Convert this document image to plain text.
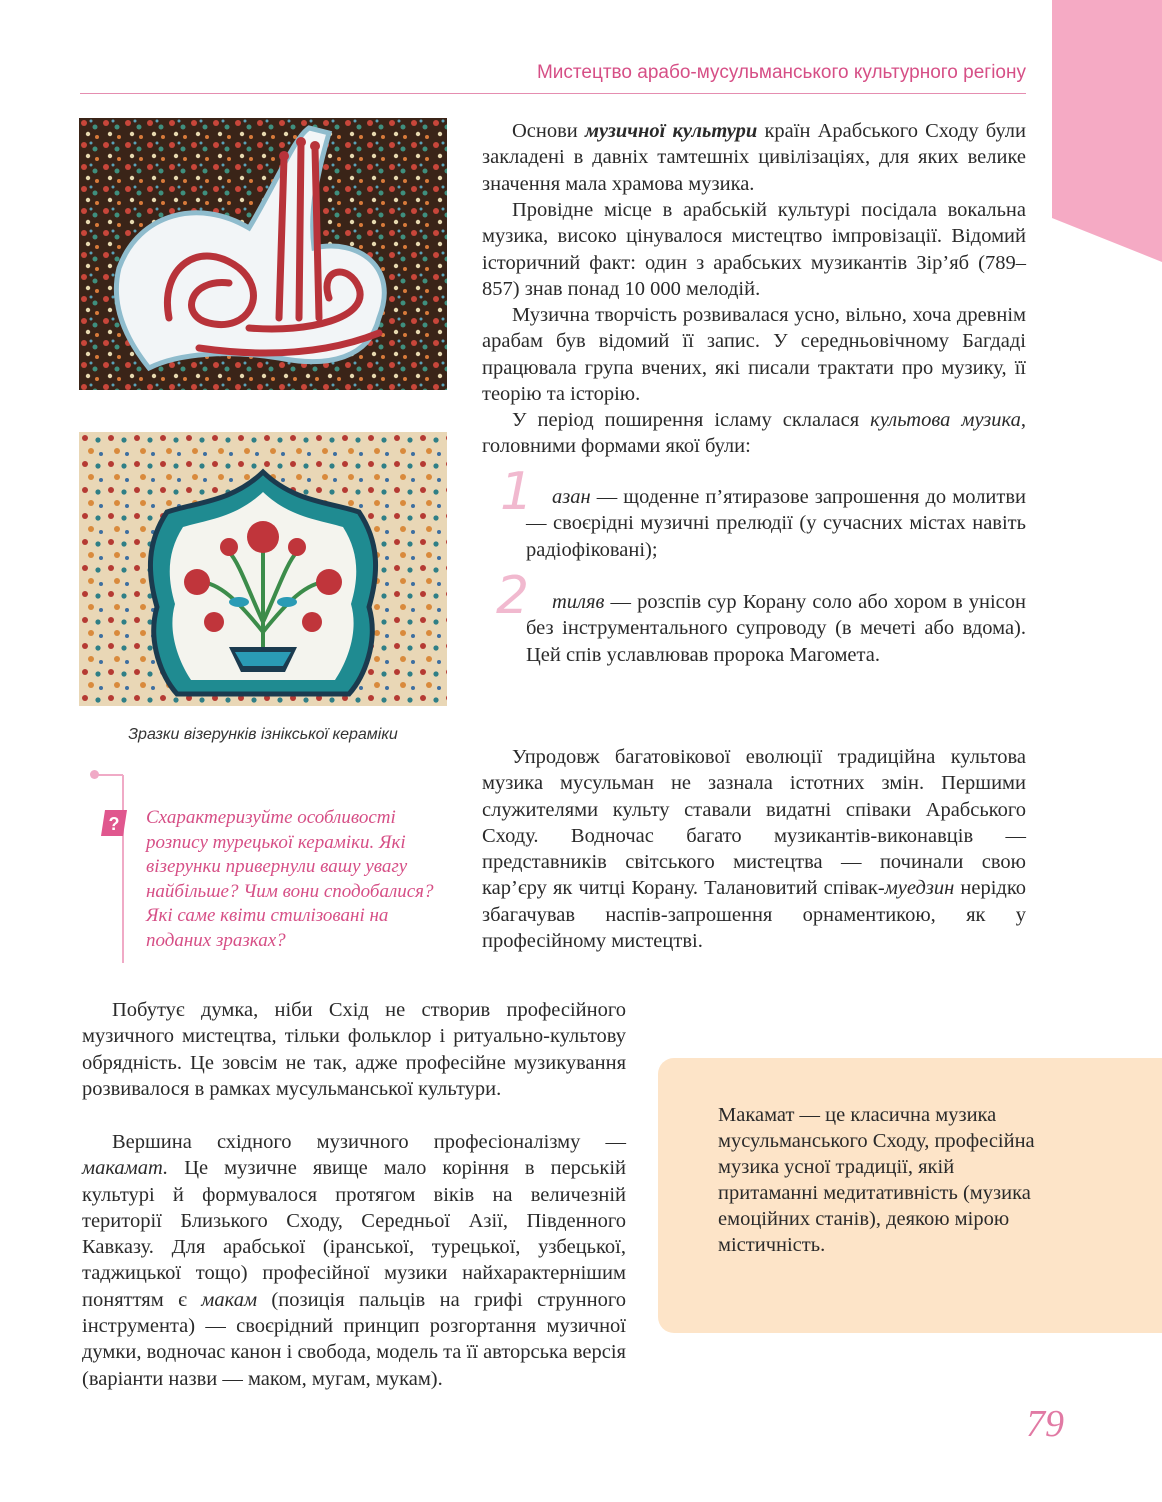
Мистецтво арабо-мусульманського культурного регіону
Зразки візерунків ізнікської кераміки

Основи музичної культури країн Арабського Сходу були закладені в давніх тамтешніх цивілізаціях, для яких велике значення мала храмова музика.

Провідне місце в арабській культурі посідала вокальна музика, високо цінувалося мистецтво імпровізації. Відомий історичний факт: один з арабських музикантів Зір’яб (789–857) знав понад 10 000 мелодій.

Музична творчість розвивалася усно, вільно, хоча древнім арабам був відомий її запис. У середньовічному Багдаді працювала група вчених, які писали трактати про музику, її теорію та історію.

У період поширення ісламу склалася культова музика, головними формами якої були:

1 азан — щоденне п’ятиразове запрошення до молитви — своєрідні музичні прелюдії (у сучасних містах навіть радіофіковані);

2	тиляв — розспів сур Корану соло або хором в унісон без інструментального супроводу (в мечеті або вдома). Цей спів уславлював пророка Магомета.

Упродовж багатовікової еволюції традиційна культова музика мусульман не зазнала істотних змін. Першими служителями культу ставали видатні співаки Арабського Сходу. Водночас багато музикантів-виконавців — представників світського мистецтва — починали свою кар’єру як читці Корану. Талановитий співак-муедзин нерідко збагачував наспів-запрошення орнаментикою, як у професійному мистецтві.

? Схарактеризуйте особливості розпису турецької кераміки. Які візерунки привернули вашу увагу найбільше? Чим вони сподобалися? Які саме квіти стилізовані на поданих зразках?

Побутує думка, ніби Схід не створив професійного музичного мистецтва, тільки фольклор і ритуально-культову обрядність. Це зовсім не так, адже професійне музикування розвивалося в рамках мусульманської культури.

Вершина східного музичного професіоналізму — макамат. Це музичне явище мало коріння в перській культурі й формувалося протягом віків на величезній території Близького Сходу, Середньої Азії, Південного Кавказу. Для арабської (іранської, турецької, узбецької, таджицької тощо) професійної музики найхарактернішим поняттям є макам (позиція пальців на грифі струнного інструмента) — своєрідний принцип розгортання музичної думки, водночас канон і свобода, модель та її авторська версія (варіанти назви — маком, мугам, мукам).

Макамат — це класична музика мусульманського Сходу, професійна музика усної традиції, якій притаманні медитативність (музика емоційних станів), деякою мірою містичність.
79
